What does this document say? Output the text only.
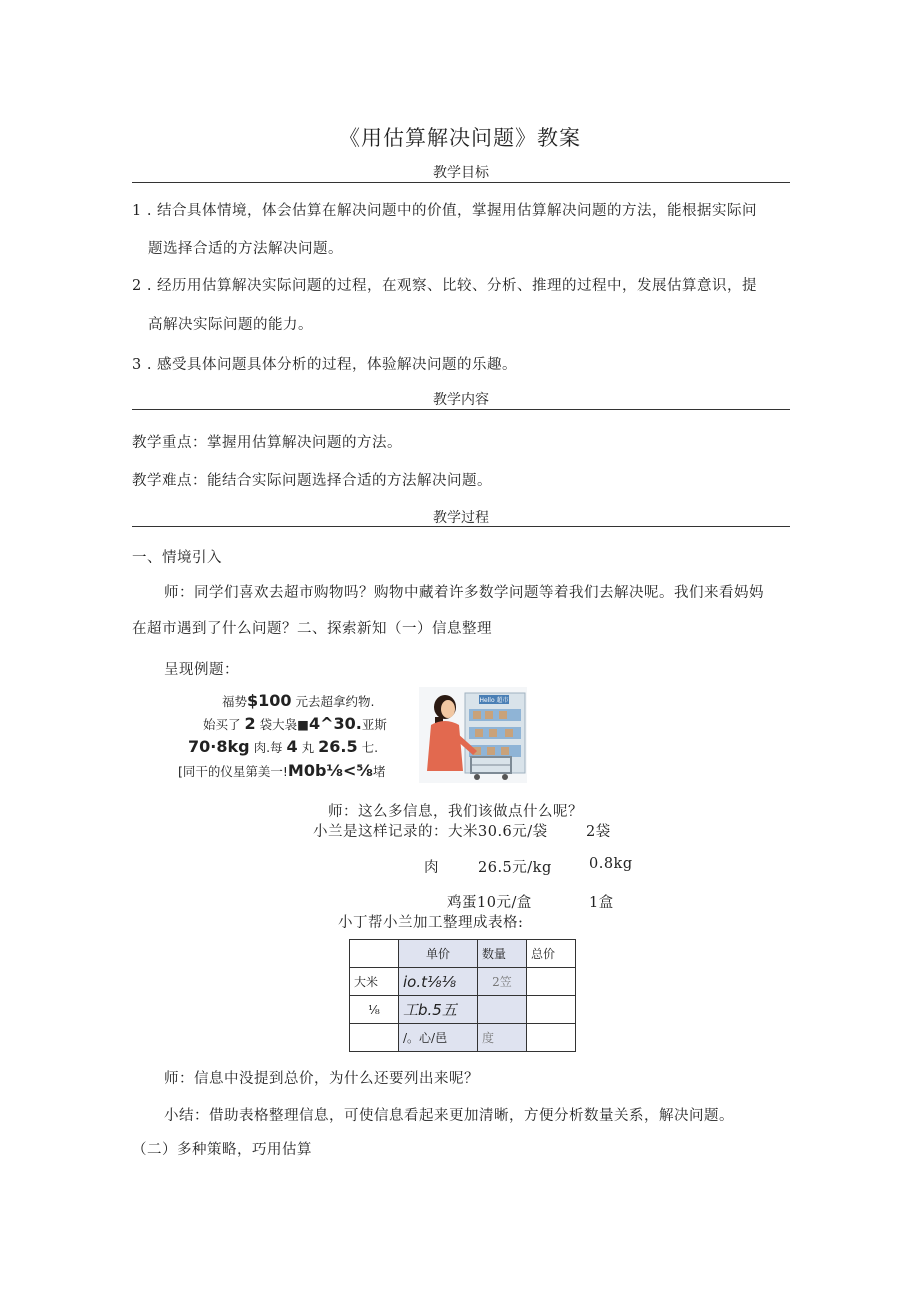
《用估算解决问题》教案
教学目标
1 . 结合具体情境，体会估算在解决问题中的价值，掌握用估算解决问题的方法，能根据实际问
题选择合适的方法解决问题。
2 . 经历用估算解决实际问题的过程，在观察、比较、分析、推理的过程中，发展估算意识，提
高解决实际问题的能力。
3 . 感受具体问题具体分析的过程，体验解决问题的乐趣。
教学内容
教学重点：掌握用估算解决问题的方法。
教学难点：能结合实际问题选择合适的方法解决问题。
教学过程
一、情境引入
师：同学们喜欢去超市购物吗？购物中藏着许多数学问题等着我们去解决呢。我们来看妈妈
在超市遇到了什么问题？二、探索新知（一）信息整理
呈现例题：
福势$100 元去超拿约物.
始买了 2 袋大袅■4^30.亚斯
70·8kg 肉.每 4 丸 26.5 七.
[同干的仪星第美一!M0b⅛<⅝堵
Hello 超市
师：这么多信息，我们该做点什么呢？
小兰是这样记录的：大米30.6元/袋	2袋
肉	26.5元/kg	0.8kg
鸡蛋10元/盒	1盒
小丁帮小兰加工整理成表格:
	单价	数量	总价
大米	io.t⅛⅛	2笠	
⅛	工b.5五		
	/。心/邑	度	
师：信息中没提到总价，为什么还要列出来呢？
小结：借助表格整理信息，可使信息看起来更加清晰，方便分析数量关系，解决问题。
（二）多种策略，巧用估算
